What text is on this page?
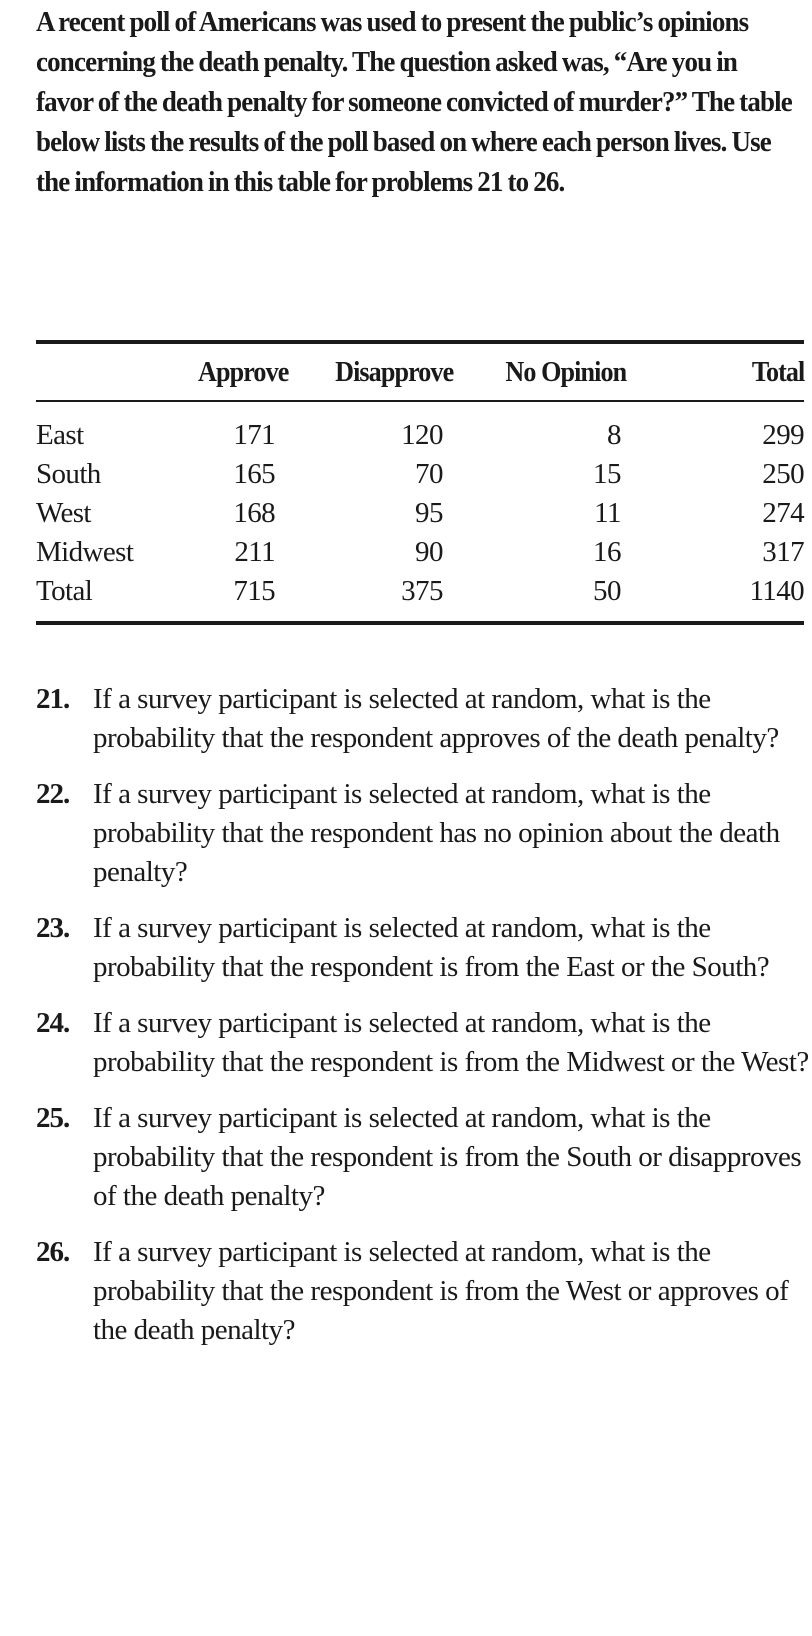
A recent poll of Americans was used to present the public’s opinions concerning the death penalty. The question asked was, “Are you in favor of the death penalty for someone convicted of murder?” The table below lists the results of the poll based on where each person lives. Use the information in this table for problems 21 to 26.

	Approve	Disapprove	No Opinion	Total
East	171	120	8	299
South	165	70	15	250
West	168	95	11	274
Midwest	211	90	16	317
Total	715	375	50	1140
21. If a survey participant is selected at random, what is the probability that the respondent approves of the death penalty?
22. If a survey participant is selected at random, what is the probability that the respondent has no opinion about the death penalty?
23. If a survey participant is selected at random, what is the probability that the respondent is from the East or the South?
24. If a survey participant is selected at random, what is the probability that the respondent is from the Midwest or the West?
25. If a survey participant is selected at random, what is the probability that the respondent is from the South or disapproves of the death penalty?
26. If a survey participant is selected at random, what is the probability that the respondent is from the West or approves of the death penalty?
